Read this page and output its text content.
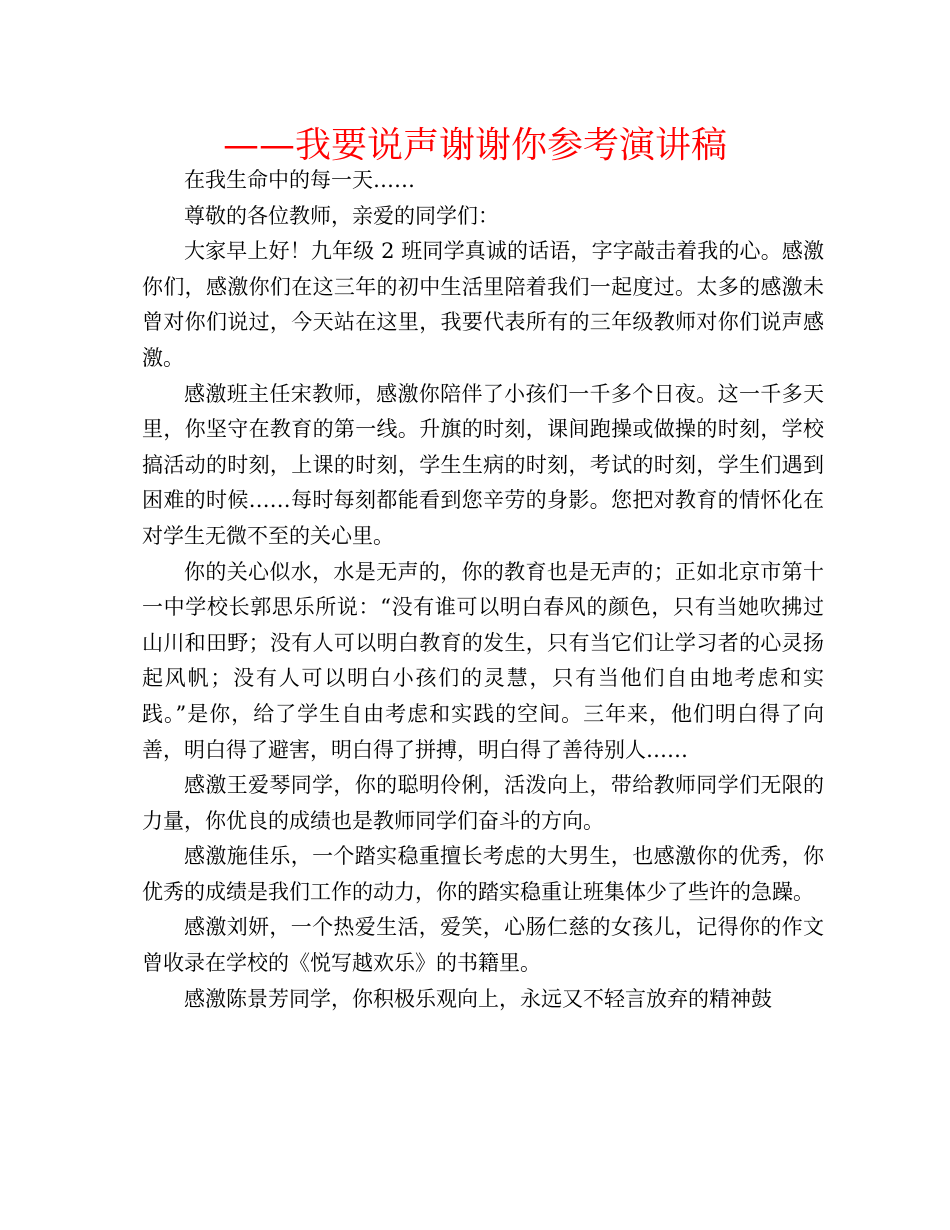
——我要说声谢谢你参考演讲稿

在我生命中的每一天……

尊敬的各位教师，亲爱的同学们：

大家早上好！九年级 2 班同学真诚的话语，字字敲击着我的心。感激你们，感激你们在这三年的初中生活里陪着我们一起度过。太多的感激未曾对你们说过，今天站在这里，我要代表所有的三年级教师对你们说声感激。

感激班主任宋教师，感激你陪伴了小孩们一千多个日夜。这一千多天里，你坚守在教育的第一线。升旗的时刻，课间跑操或做操的时刻，学校搞活动的时刻，上课的时刻，学生生病的时刻，考试的时刻，学生们遇到困难的时候……每时每刻都能看到您辛劳的身影。您把对教育的情怀化在对学生无微不至的关心里。

你的关心似水，水是无声的，你的教育也是无声的；正如北京市第十一中学校长郭思乐所说：“没有谁可以明白春风的颜色，只有当她吹拂过山川和田野；没有人可以明白教育的发生，只有当它们让学习者的心灵扬起风帆；没有人可以明白小孩们的灵慧，只有当他们自由地考虑和实践。”是你，给了学生自由考虑和实践的空间。三年来，他们明白得了向善，明白得了避害，明白得了拼搏，明白得了善待别人……

感激王爱琴同学，你的聪明伶俐，活泼向上，带给教师同学们无限的力量，你优良的成绩也是教师同学们奋斗的方向。

感激施佳乐，一个踏实稳重擅长考虑的大男生，也感激你的优秀，你优秀的成绩是我们工作的动力，你的踏实稳重让班集体少了些许的急躁。

感激刘妍，一个热爱生活，爱笑，心肠仁慈的女孩儿，记得你的作文曾收录在学校的《悦写越欢乐》的书籍里。

感激陈景芳同学，你积极乐观向上，永远又不轻言放弃的精神鼓
